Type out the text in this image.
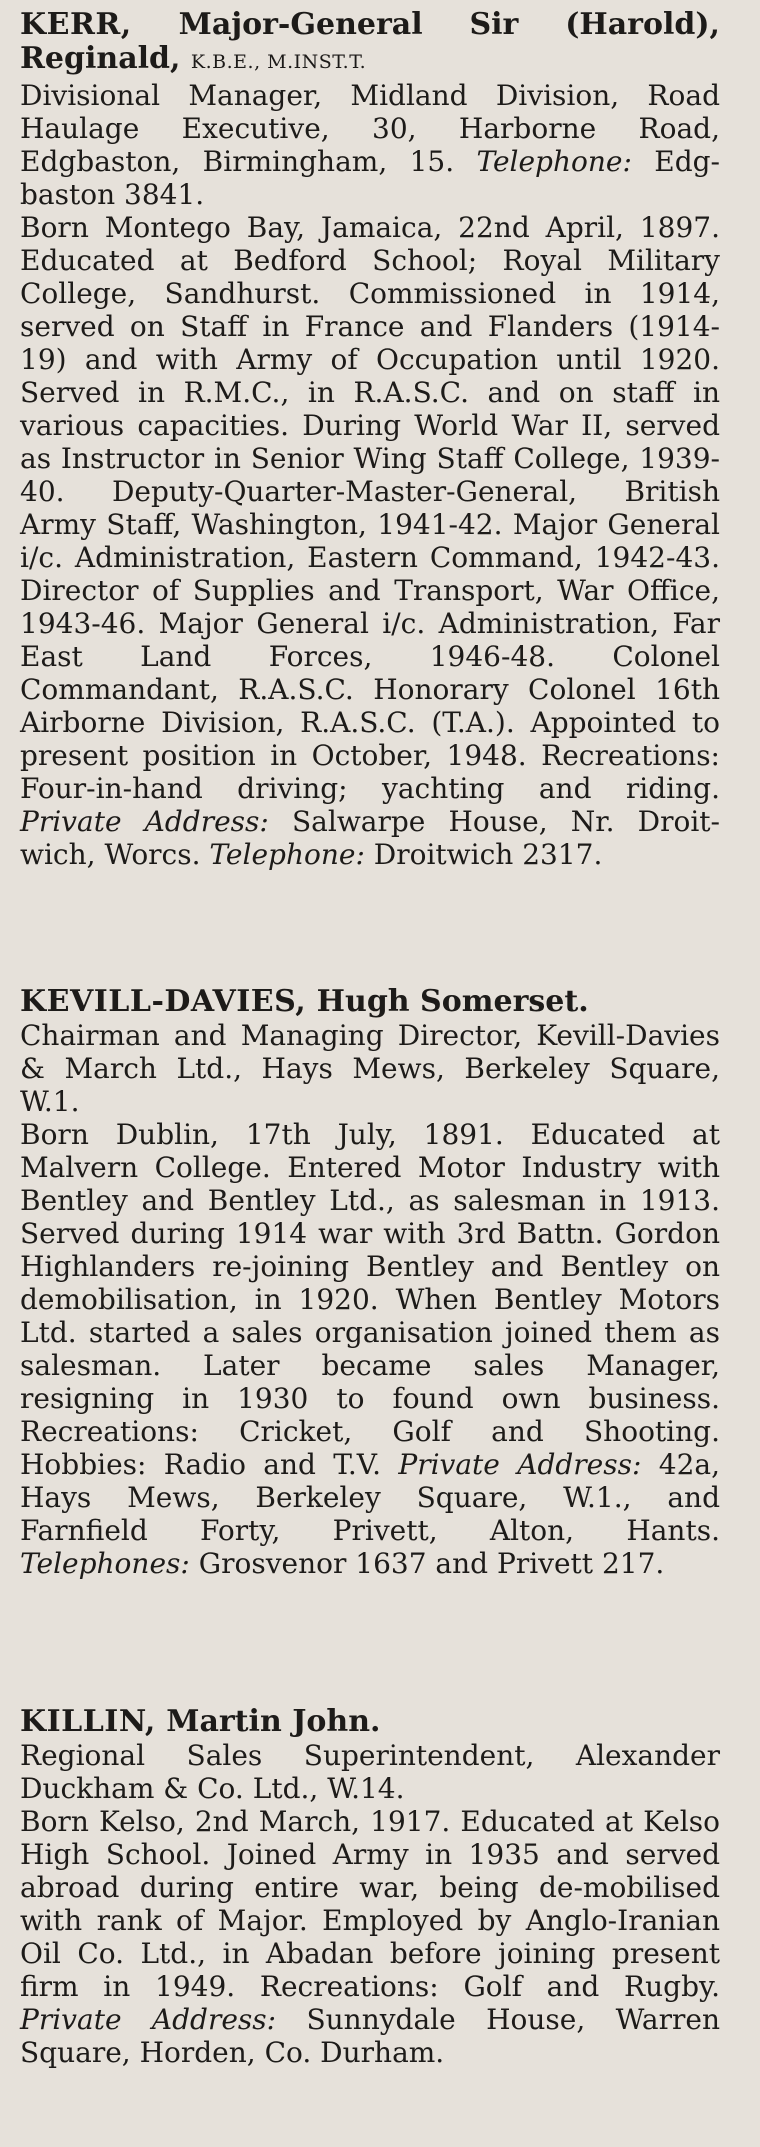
KERR, Major-General Sir (Harold), Reginald, K.B.E., M.INST.T.

Divisional Manager, Midland Division, Road Haulage Executive, 30, Harborne Road, Edgbaston, Birmingham, 15. Telephone: Edg-baston 3841.

Born Montego Bay, Jamaica, 22nd April, 1897. Educated at Bedford School; Royal Military College, Sandhurst. Commissioned in 1914, served on Staff in France and Flanders (1914-19) and with Army of Occupation until 1920. Served in R.M.C., in R.A.S.C. and on staff in various capacities. During World War II, served as Instructor in Senior Wing Staff College, 1939-40. Deputy-Quarter-Master-General, British Army Staff, Washington, 1941-42. Major General i/c. Administration, Eastern Command, 1942-43. Director of Supplies and Transport, War Office, 1943-46. Major General i/c. Administration, Far East Land Forces, 1946-48. Colonel Commandant, R.A.S.C. Honorary Colonel 16th Airborne Division, R.A.S.C. (T.A.). Appointed to present position in October, 1948. Recreations: Four-in-hand driving; yachting and riding. Private Address: Salwarpe House, Nr. Droit-wich, Worcs. Telephone: Droitwich 2317.

KEVILL-DAVIES, Hugh Somerset.

Chairman and Managing Director, Kevill-Davies & March Ltd., Hays Mews, Berkeley Square, W.1.

Born Dublin, 17th July, 1891. Educated at Malvern College. Entered Motor Industry with Bentley and Bentley Ltd., as salesman in 1913. Served during 1914 war with 3rd Battn. Gordon Highlanders re-joining Bentley and Bentley on demobilisation, in 1920. When Bentley Motors Ltd. started a sales organisation joined them as salesman. Later became sales Manager, resigning in 1930 to found own business. Recreations: Cricket, Golf and Shooting. Hobbies: Radio and T.V. Private Address: 42a, Hays Mews, Berkeley Square, W.1., and Farnfield Forty, Privett, Alton, Hants. Telephones: Grosvenor 1637 and Privett 217.

KILLIN, Martin John.

Regional Sales Superintendent, Alexander Duckham & Co. Ltd., W.14.

Born Kelso, 2nd March, 1917. Educated at Kelso High School. Joined Army in 1935 and served abroad during entire war, being de-mobilised with rank of Major. Employed by Anglo-Iranian Oil Co. Ltd., in Abadan before joining present firm in 1949. Recreations: Golf and Rugby. Private Address: Sunnydale House, Warren Square, Horden, Co. Durham.
